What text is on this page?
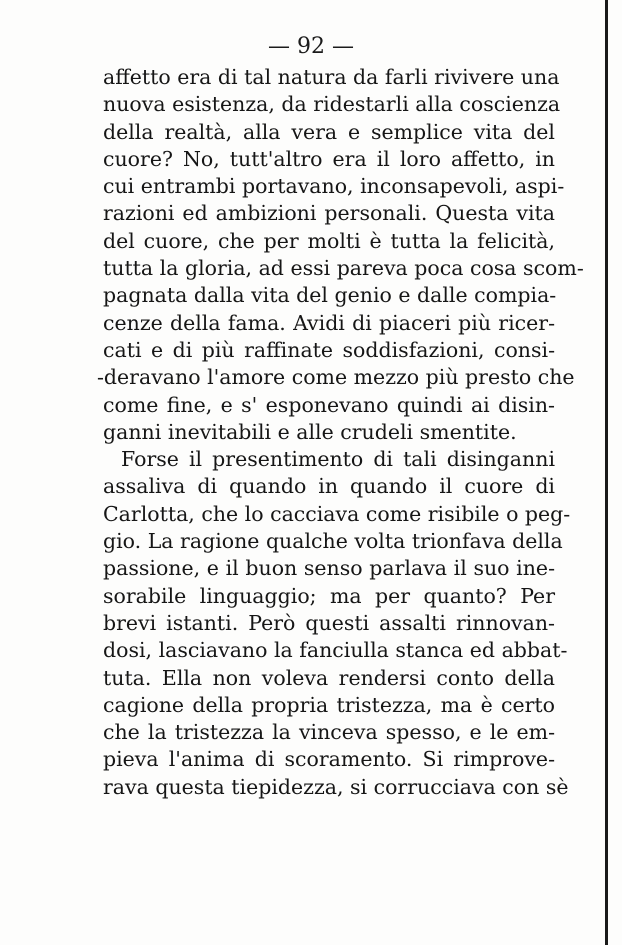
— 92 —
affetto era di tal natura da farli rivivere una
nuova esistenza, da ridestarli alla coscienza
della realtà, alla vera e semplice vita del
cuore? No, tutt'altro era il loro affetto, in
cui entrambi portavano, inconsapevoli, aspi-
razioni ed ambizioni personali. Questa vita
del cuore, che per molti è tutta la felicità,
tutta la gloria, ad essi pareva poca cosa scom-
pagnata dalla vita del genio e dalle compia-
cenze della fama. Avidi di piaceri più ricer-
cati e di più raffinate soddisfazioni, consi-
-deravano l'amore come mezzo più presto che
come fine, e s' esponevano quindi ai disin-
ganni inevitabili e alle crudeli smentite.
Forse il presentimento di tali disinganni
assaliva di quando in quando il cuore di
Carlotta, che lo cacciava come risibile o peg-
gio. La ragione qualche volta trionfava della
passione, e il buon senso parlava il suo ine-
sorabile linguaggio; ma per quanto? Per
brevi istanti. Però questi assalti rinnovan-
dosi, lasciavano la fanciulla stanca ed abbat-
tuta. Ella non voleva rendersi conto della
cagione della propria tristezza, ma è certo
che la tristezza la vinceva spesso, e le em-
pieva l'anima di scoramento. Si rimprove-
rava questa tiepidezza, si corrucciava con sè
